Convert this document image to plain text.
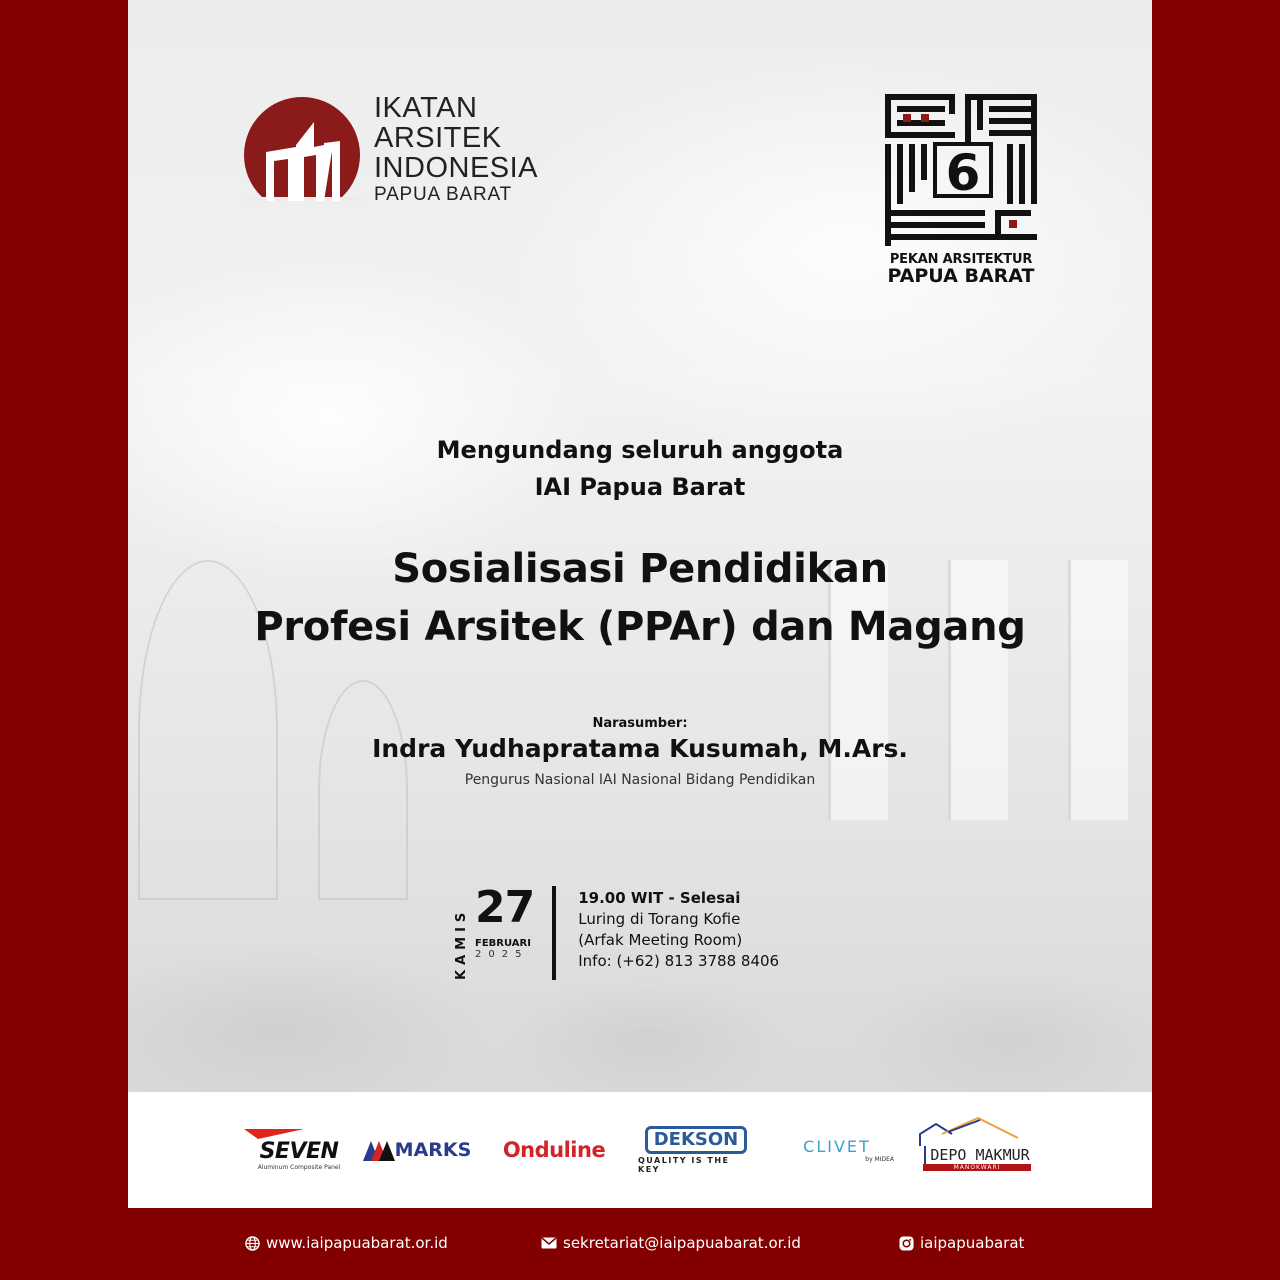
IKATAN
ARSITEK
INDONESIA
PAPUA BARAT	6
PEKAN ARSITEKTUR
PAPUA BARAT
Mengundang seluruh anggota
IAI Papua Barat
Sosialisasi Pendidikan
Profesi Arsitek (PPAr) dan Magang
Narasumber:
Indra Yudhapratama Kusumah, M.Ars.
Pengurus Nasional IAI Nasional Bidang Pendidikan
KAMIS
27
FEBRUARI
2025
19.00 WIT - Selesai
Luring di Torang Kofie
(Arfak Meeting Room)
Info: (+62) 813 3788 8406
SEVEN
Aluminum Composite Panel
MARKS Onduline	DEKSON
QUALITY IS THE KEY
CLIVET
by MIDEA	DEPO MAKMUR
MANOKWARI
www.iaipapuabarat.or.id	sekretariat@iaipapuabarat.or.id	iaipapuabarat
